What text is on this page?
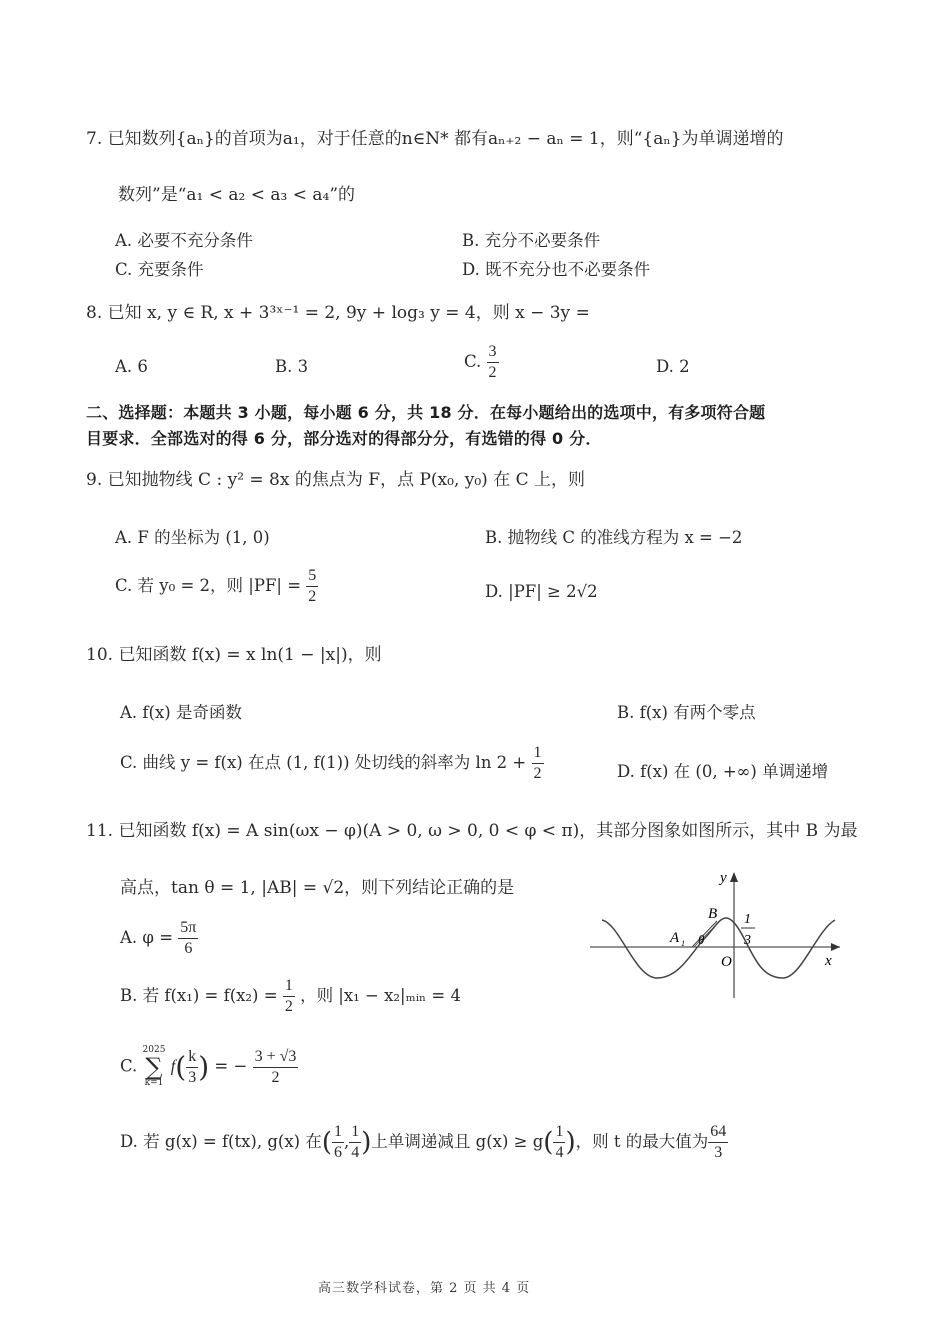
7. 已知数列{aₙ}的首项为a₁，对于任意的n∈N* 都有aₙ₊₂ − aₙ = 1，则“{aₙ}为单调递增的
数列”是“a₁ < a₂ < a₃ < a₄”的
A. 必要不充分条件	B. 充分不必要条件
C. 充要条件	D. 既不充分也不必要条件
8. 已知 x, y ∈ R, x + 3³ˣ⁻¹ = 2, 9y + log₃ y = 4，则 x − 3y =
A. 6	B. 3	C. $\frac{3}{2}$	D. 2
二、选择题：本题共 3 小题，每小题 6 分，共 18 分．在每小题给出的选项中，有多项符合题
目要求．全部选对的得 6 分，部分选对的得部分分，有选错的得 0 分．
9. 已知抛物线 C : y² = 8x 的焦点为 F，点 P(x₀, y₀) 在 C 上，则
A. F 的坐标为 (1, 0)	B. 抛物线 C 的准线方程为 x = −2
C. 若 y₀ = 2，则 $|PF| = \frac{5}{2}$	D. |PF| ≥ 2√2
10. 已知函数 f(x) = x ln(1 − |x|)，则
A. f(x) 是奇函数	B. f(x) 有两个零点
C. 曲线 y = f(x) 在点 (1, f(1)) 处切线的斜率为 $\ln 2 + \frac{1}{2}$	D. f(x) 在 (0, +∞) 单调递增
11. 已知函数 f(x) = A sin(ωx − φ)(A > 0, ω > 0, 0 < φ < π)，其部分图象如图所示，其中 B 为最
高点，tan θ = 1, |AB| = √2，则下列结论正确的是
A. $\varphi = \frac{5\pi}{6}$
B. 若 $f(x_1) = f(x_2) = \frac{1}{2}$ ，则 |x₁ − x₂|ₘᵢₙ = 4
C.
2025
∑
k=1
$f( \frac{k}{3}$ ) = − $\frac{3 + √3}{2}$
D. 若 g(x) = f(tx), g(x) 在( $\frac{1}{6}$ , $\frac{1}{4}$ )上单调递减且 $g(x) \ge g( \frac{1}{4}$ )，则 t 的最大值为 $\frac{64}{3}$
y
x
O
A 1
B
θ
1
3
高三数学科试卷，第 2 页 共 4 页
